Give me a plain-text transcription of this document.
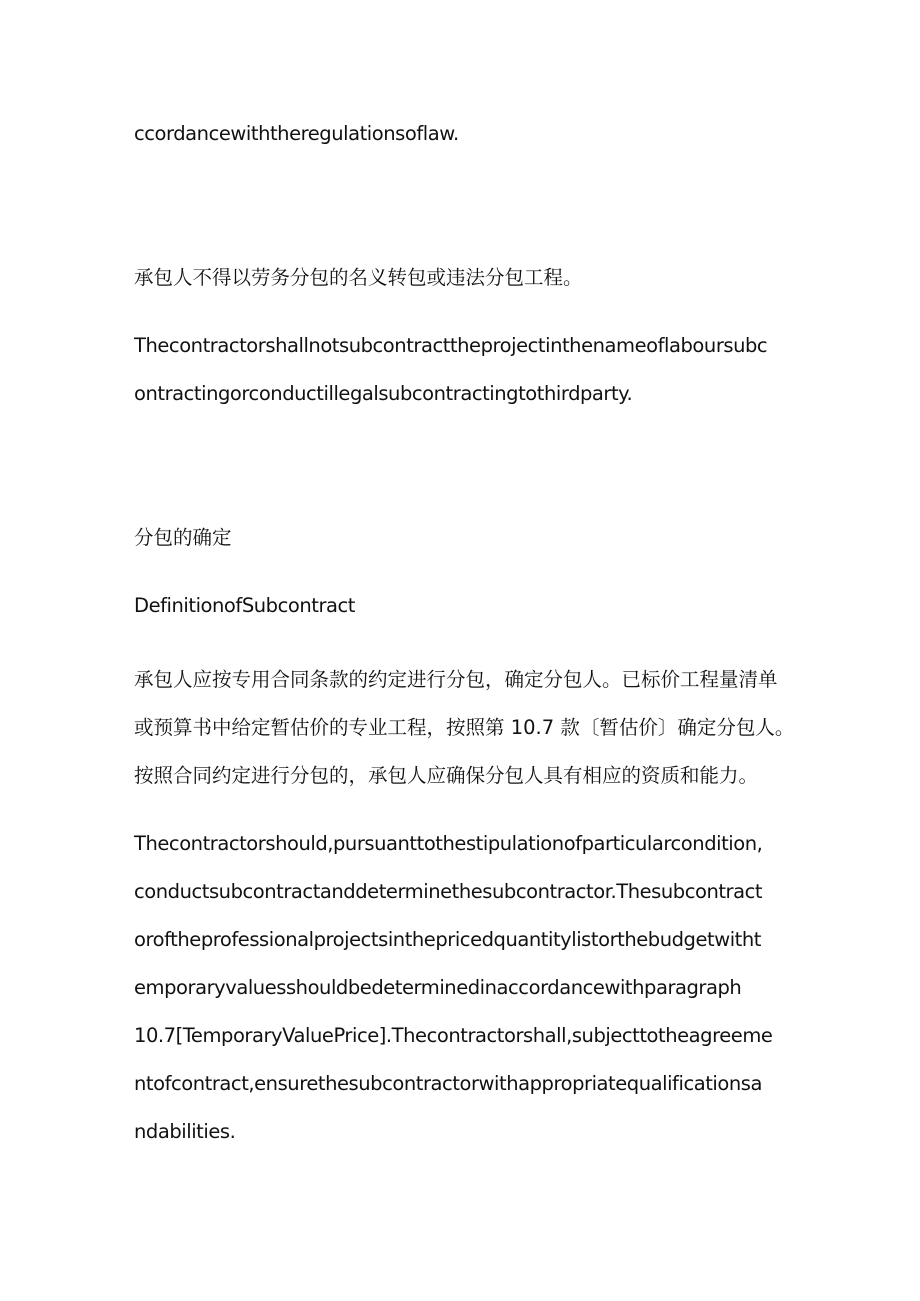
ccordancewiththeregulationsoflaw.
承包人不得以劳务分包的名义转包或违法分包工程。
Thecontractorshallnotsubcontracttheprojectinthenameoflaboursubc
ontractingorconductillegalsubcontractingtothirdparty.
分包的确定
DefinitionofSubcontract
承包人应按专用合同条款的约定进行分包，确定分包人。已标价工程量清单
或预算书中给定暂估价的专业工程，按照第 10.7 款〔暂估价〕确定分包人。
按照合同约定进行分包的，承包人应确保分包人具有相应的资质和能力。
Thecontractorshould,pursuanttothestipulationofparticularcondition,
conductsubcontractanddeterminethesubcontractor.Thesubcontract
oroftheprofessionalprojectsinthepricedquantitylistorthebudgetwitht
emporaryvaluesshouldbedeterminedinaccordancewithparagraph
10.7[TemporaryValuePrice].Thecontractorshall,subjecttotheagreeme
ntofcontract,ensurethesubcontractorwithappropriatequalificationsa
ndabilities.
